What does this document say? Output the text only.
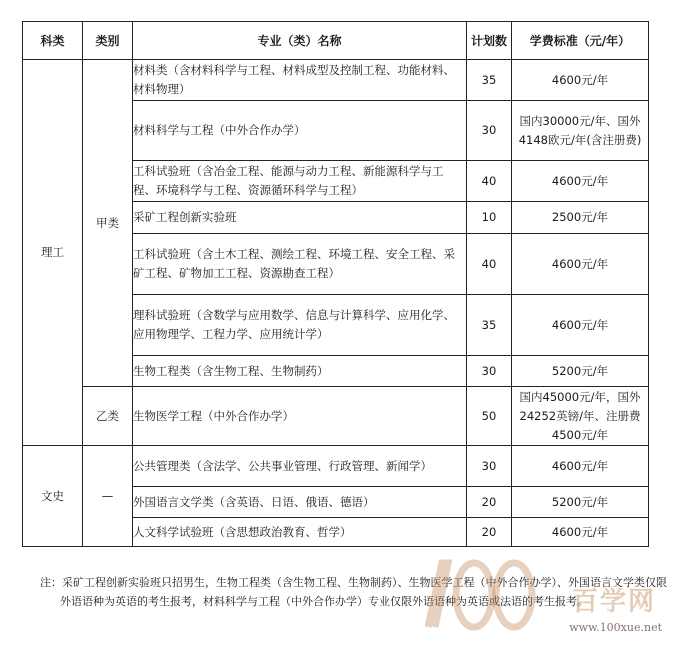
科类	类别	专业（类）名称	计划数	学费标准（元/年）
理工	甲类	材料类（含材料科学与工程、材料成型及控制工程、功能材料、材料物理）	35	4600元/年
		材料科学与工程（中外合作办学）	30	国内30000元/年、国外4148欧元/年(含注册费)
		工科试验班（含冶金工程、能源与动力工程、新能源科学与工程、环境科学与工程、资源循环科学与工程）	40	4600元/年
		采矿工程创新实验班	10	2500元/年
		工科试验班（含土木工程、测绘工程、环境工程、安全工程、采矿工程、矿物加工工程、资源勘查工程）	40	4600元/年
		理科试验班（含数学与应用数学、信息与计算科学、应用化学、应用物理学、工程力学、应用统计学）	35	4600元/年
		生物工程类（含生物工程、生物制药）	30	5200元/年
	乙类	生物医学工程（中外合作办学）	50	国内45000元/年，国外24252英镑/年、注册费4500元/年
文史	—	公共管理类（含法学、公共事业管理、行政管理、新闻学）	30	4600元/年
		外国语言文学类（含英语、日语、俄语、德语）	20	5200元/年
		人文科学试验班（含思想政治教育、哲学）	20	4600元/年
注：采矿工程创新实验班只招男生，生物工程类（含生物工程、生物制药）、生物医学工程（中外合作办学）、外国语言文学类仅限外语语种为英语的考生报考，材料科学与工程（中外合作办学）专业仅限外语语种为英语或法语的考生报考。
百学网
www.100xue.net
